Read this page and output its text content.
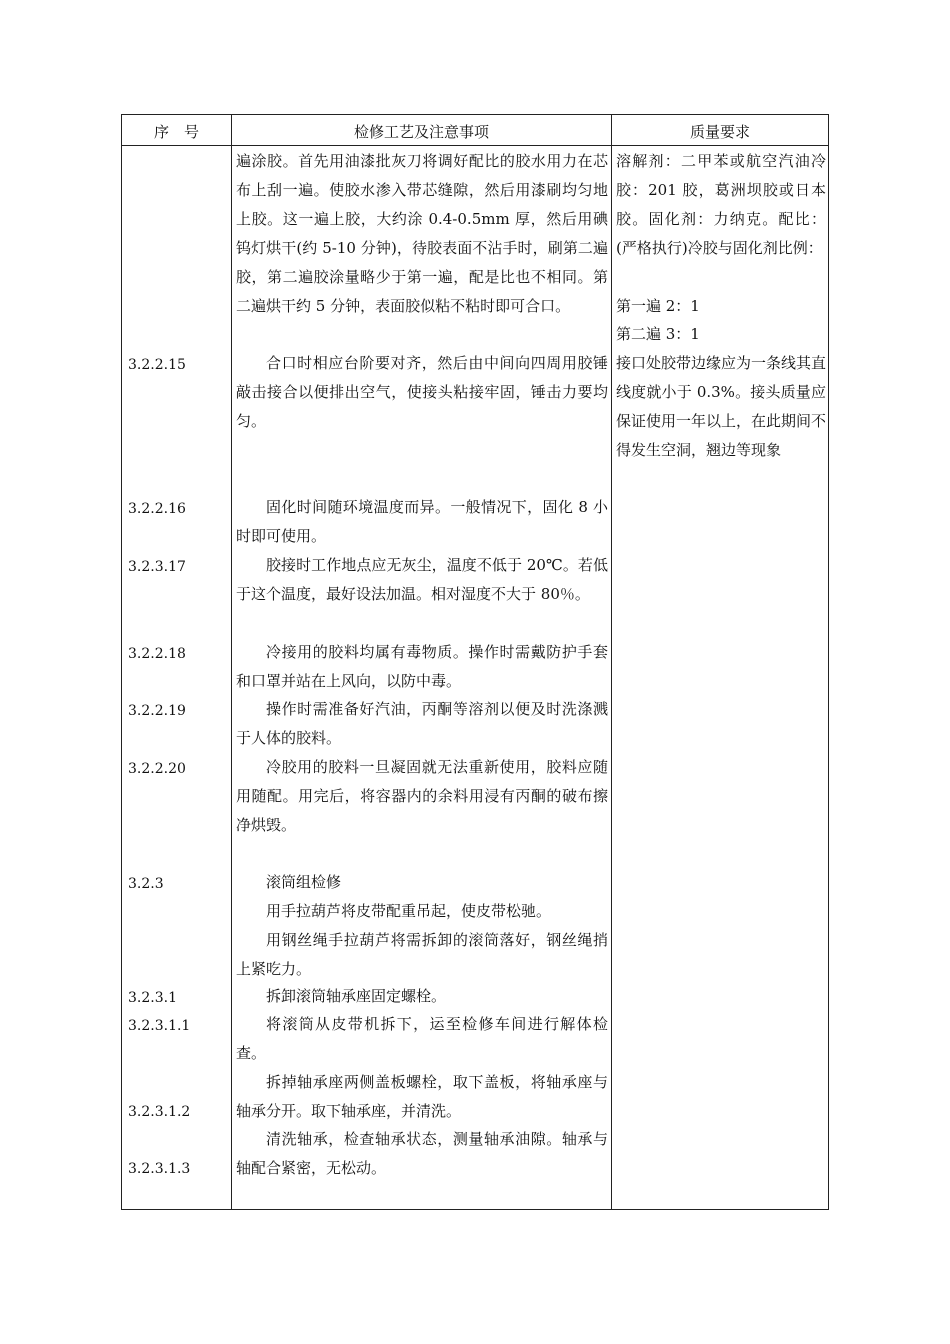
序　号	检修工艺及注意事项	质量要求
3.2.2.15
3.2.2.16
3.2.3.17
3.2.2.18
3.2.2.19
3.2.2.20
3.2.3
3.2.3.1
3.2.3.1.1
3.2.3.1.2
3.2.3.1.3

遍涂胶。首先用油漆批灰刀将调好配比的胶水用力在芯布上刮一遍。使胶水渗入带芯缝隙，然后用漆刷均匀地上胶。这一遍上胶，大约涂 0.4-0.5mm 厚，然后用碘钨灯烘干(约 5-10 分钟)，待胶表面不沾手时，刷第二遍胶，第二遍胶涂量略少于第一遍，配是比也不相同。第二遍烘干约 5 分钟，表面胶似粘不粘时即可合口。

合口时相应台阶要对齐，然后由中间向四周用胶锤敲击接合以便排出空气，使接头粘接牢固，锤击力要均匀。

固化时间随环境温度而异。一般情况下，固化 8 小时即可使用。

胶接时工作地点应无灰尘，温度不低于 20℃。若低于这个温度，最好设法加温。相对湿度不大于 80％。

冷接用的胶料均属有毒物质。操作时需戴防护手套和口罩并站在上风向，以防中毒。

操作时需准备好汽油，丙酮等溶剂以便及时洗涤溅于人体的胶料。

冷胶用的胶料一旦凝固就无法重新使用，胶料应随用随配。用完后，将容器内的余料用浸有丙酮的破布擦净烘毁。

滚筒组检修

用手拉葫芦将皮带配重吊起，使皮带松驰。

用钢丝绳手拉葫芦将需拆卸的滚筒落好，钢丝绳捎上紧吃力。

拆卸滚筒轴承座固定螺栓。

将滚筒从皮带机拆下，运至检修车间进行解体检查。

拆掉轴承座两侧盖板螺栓，取下盖板，将轴承座与轴承分开。取下轴承座，并清洗。

清洗轴承，检查轴承状态，测量轴承油隙。轴承与轴配合紧密，无松动。

溶解剂：二甲苯或航空汽油冷胶：201 胶，葛洲坝胶或日本胶。固化剂：力纳克。配比：(严格执行)冷胶与固化剂比例：

第一遍 2：1

第二遍 3：1

接口处胶带边缘应为一条线其直线度就小于 0.3%。接头质量应保证使用一年以上，在此期间不得发生空洞，翘边等现象
